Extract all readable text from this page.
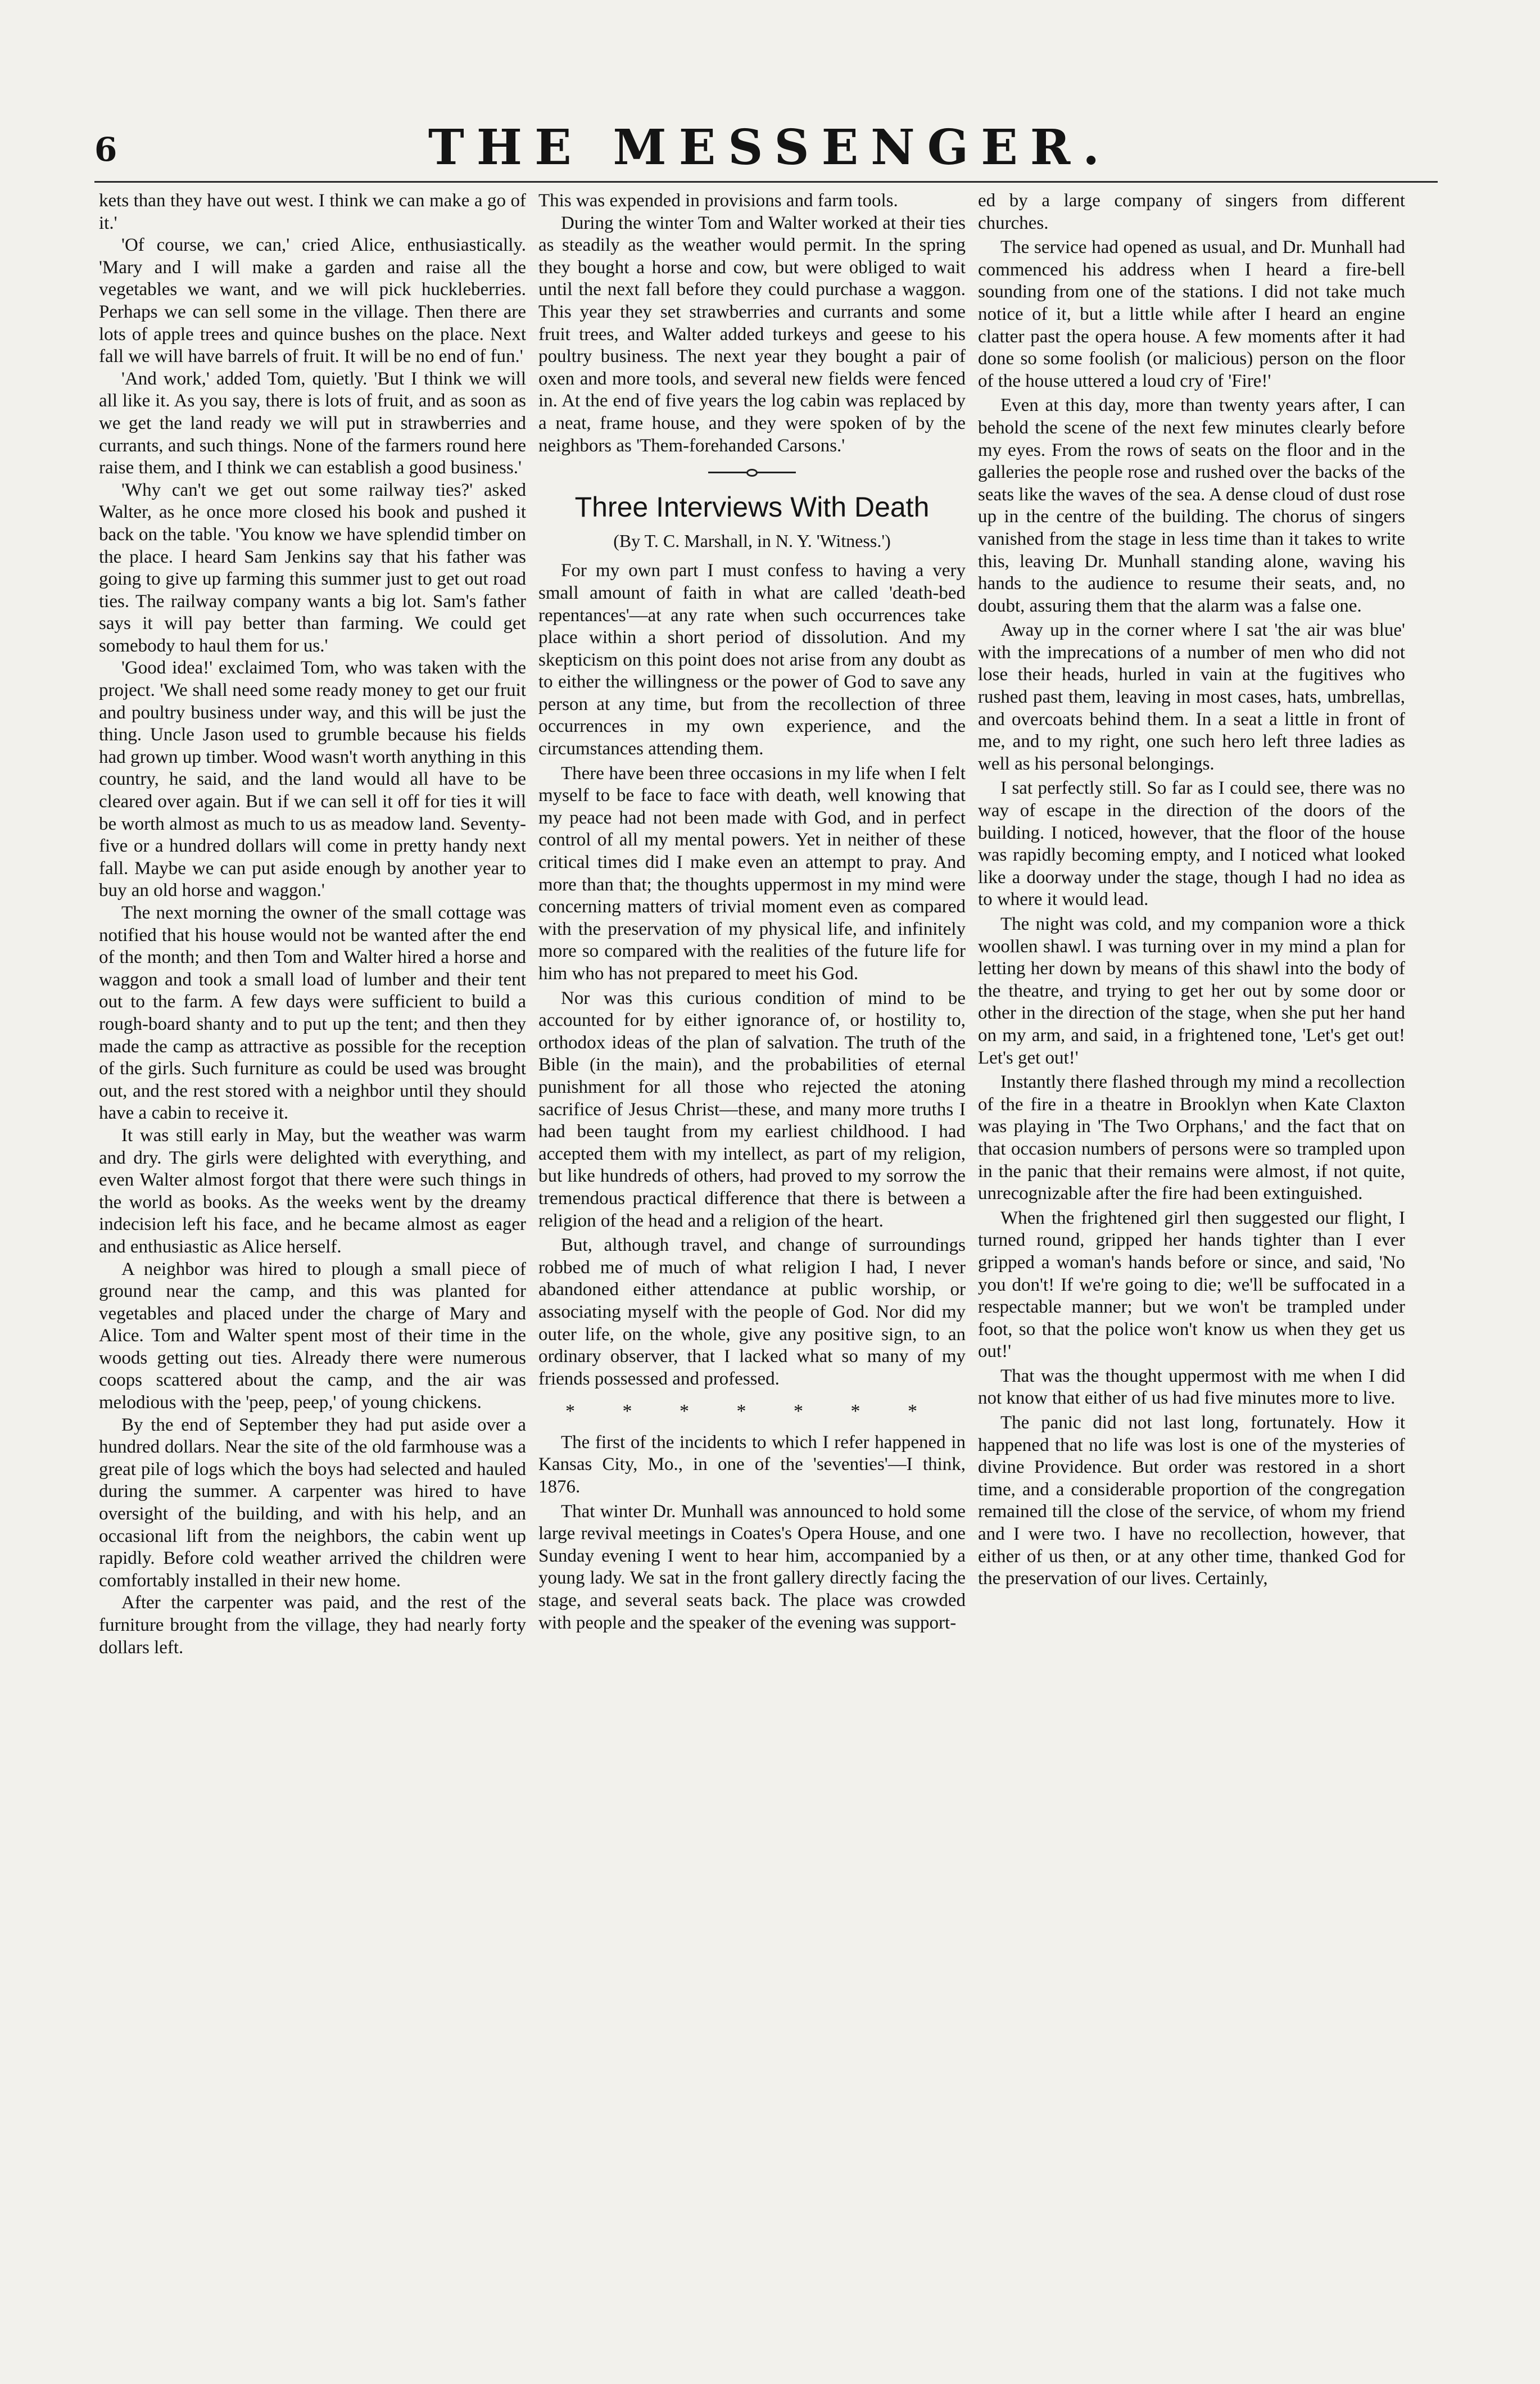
6	THE MESSENGER.

kets than they have out west. I think we can make a go of it.'

'Of course, we can,' cried Alice, enthusiastically. 'Mary and I will make a garden and raise all the vegetables we want, and we will pick huckleberries. Perhaps we can sell some in the village. Then there are lots of apple trees and quince bushes on the place. Next fall we will have barrels of fruit. It will be no end of fun.'

'And work,' added Tom, quietly. 'But I think we will all like it. As you say, there is lots of fruit, and as soon as we get the land ready we will put in strawberries and currants, and such things. None of the farmers round here raise them, and I think we can establish a good business.'

'Why can't we get out some railway ties?' asked Walter, as he once more closed his book and pushed it back on the table. 'You know we have splendid timber on the place. I heard Sam Jenkins say that his father was going to give up farming this summer just to get out road ties. The railway company wants a big lot. Sam's father says it will pay better than farming. We could get somebody to haul them for us.'

'Good idea!' exclaimed Tom, who was taken with the project. 'We shall need some ready money to get our fruit and poultry business under way, and this will be just the thing. Uncle Jason used to grumble because his fields had grown up timber. Wood wasn't worth anything in this country, he said, and the land would all have to be cleared over again. But if we can sell it off for ties it will be worth almost as much to us as meadow land. Seventy-five or a hundred dollars will come in pretty handy next fall. Maybe we can put aside enough by another year to buy an old horse and waggon.'

The next morning the owner of the small cottage was notified that his house would not be wanted after the end of the month; and then Tom and Walter hired a horse and waggon and took a small load of lumber and their tent out to the farm. A few days were sufficient to build a rough-board shanty and to put up the tent; and then they made the camp as attractive as possible for the reception of the girls. Such furniture as could be used was brought out, and the rest stored with a neighbor until they should have a cabin to receive it.

It was still early in May, but the weather was warm and dry. The girls were delighted with everything, and even Walter almost forgot that there were such things in the world as books. As the weeks went by the dreamy indecision left his face, and he became almost as eager and enthusiastic as Alice herself.

A neighbor was hired to plough a small piece of ground near the camp, and this was planted for vegetables and placed under the charge of Mary and Alice. Tom and Walter spent most of their time in the woods getting out ties. Already there were numerous coops scattered about the camp, and the air was melodious with the 'peep, peep,' of young chickens.

By the end of September they had put aside over a hundred dollars. Near the site of the old farmhouse was a great pile of logs which the boys had selected and hauled during the summer. A carpenter was hired to have oversight of the building, and with his help, and an occasional lift from the neighbors, the cabin went up rapidly. Before cold weather arrived the children were comfortably installed in their new home.

After the carpenter was paid, and the rest of the furniture brought from the village, they had nearly forty dollars left.

This was expended in provisions and farm tools.

During the winter Tom and Walter worked at their ties as steadily as the weather would permit. In the spring they bought a horse and cow, but were obliged to wait until the next fall before they could purchase a waggon. This year they set strawberries and currants and some fruit trees, and Walter added turkeys and geese to his poultry business. The next year they bought a pair of oxen and more tools, and several new fields were fenced in. At the end of five years the log cabin was replaced by a neat, frame house, and they were spoken of by the neighbors as 'Them-forehanded Carsons.'

Three Interviews With Death
(By T. C. Marshall, in N. Y. 'Witness.')

For my own part I must confess to having a very small amount of faith in what are called 'death-bed repentances'—at any rate when such occurrences take place within a short period of dissolution. And my skepticism on this point does not arise from any doubt as to either the willingness or the power of God to save any person at any time, but from the recollection of three occurrences in my own experience, and the circumstances attending them.

There have been three occasions in my life when I felt myself to be face to face with death, well knowing that my peace had not been made with God, and in perfect control of all my mental powers. Yet in neither of these critical times did I make even an attempt to pray. And more than that; the thoughts uppermost in my mind were concerning matters of trivial moment even as compared with the preservation of my physical life, and infinitely more so compared with the realities of the future life for him who has not prepared to meet his God.

Nor was this curious condition of mind to be accounted for by either ignorance of, or hostility to, orthodox ideas of the plan of salvation. The truth of the Bible (in the main), and the probabilities of eternal punishment for all those who rejected the atoning sacrifice of Jesus Christ—these, and many more truths I had been taught from my earliest childhood. I had accepted them with my intellect, as part of my religion, but like hundreds of others, had proved to my sorrow the tremendous practical difference that there is between a religion of the head and a religion of the heart.

But, although travel, and change of surroundings robbed me of much of what religion I had, I never abandoned either attendance at public worship, or associating myself with the people of God. Nor did my outer life, on the whole, give any positive sign, to an ordinary observer, that I lacked what so many of my friends possessed and professed.

* * * * * * *

The first of the incidents to which I refer happened in Kansas City, Mo., in one of the 'seventies'—I think, 1876.

That winter Dr. Munhall was announced to hold some large revival meetings in Coates's Opera House, and one Sunday evening I went to hear him, accompanied by a young lady. We sat in the front gallery directly facing the stage, and several seats back. The place was crowded with people and the speaker of the evening was support-

ed by a large company of singers from different churches.

The service had opened as usual, and Dr. Munhall had commenced his address when I heard a fire-bell sounding from one of the stations. I did not take much notice of it, but a little while after I heard an engine clatter past the opera house. A few moments after it had done so some foolish (or malicious) person on the floor of the house uttered a loud cry of 'Fire!'

Even at this day, more than twenty years after, I can behold the scene of the next few minutes clearly before my eyes. From the rows of seats on the floor and in the galleries the people rose and rushed over the backs of the seats like the waves of the sea. A dense cloud of dust rose up in the centre of the building. The chorus of singers vanished from the stage in less time than it takes to write this, leaving Dr. Munhall standing alone, waving his hands to the audience to resume their seats, and, no doubt, assuring them that the alarm was a false one.

Away up in the corner where I sat 'the air was blue' with the imprecations of a number of men who did not lose their heads, hurled in vain at the fugitives who rushed past them, leaving in most cases, hats, umbrellas, and overcoats behind them. In a seat a little in front of me, and to my right, one such hero left three ladies as well as his personal belongings.

I sat perfectly still. So far as I could see, there was no way of escape in the direction of the doors of the building. I noticed, however, that the floor of the house was rapidly becoming empty, and I noticed what looked like a doorway under the stage, though I had no idea as to where it would lead.

The night was cold, and my companion wore a thick woollen shawl. I was turning over in my mind a plan for letting her down by means of this shawl into the body of the theatre, and trying to get her out by some door or other in the direction of the stage, when she put her hand on my arm, and said, in a frightened tone, 'Let's get out! Let's get out!'

Instantly there flashed through my mind a recollection of the fire in a theatre in Brooklyn when Kate Claxton was playing in 'The Two Orphans,' and the fact that on that occasion numbers of persons were so trampled upon in the panic that their remains were almost, if not quite, unrecognizable after the fire had been extinguished.

When the frightened girl then suggested our flight, I turned round, gripped her hands tighter than I ever gripped a woman's hands before or since, and said, 'No you don't! If we're going to die; we'll be suffocated in a respectable manner; but we won't be trampled under foot, so that the police won't know us when they get us out!'

That was the thought uppermost with me when I did not know that either of us had five minutes more to live.

The panic did not last long, fortunately. How it happened that no life was lost is one of the mysteries of divine Providence. But order was restored in a short time, and a considerable proportion of the congregation remained till the close of the service, of whom my friend and I were two. I have no recollection, however, that either of us then, or at any other time, thanked God for the preservation of our lives. Certainly,
